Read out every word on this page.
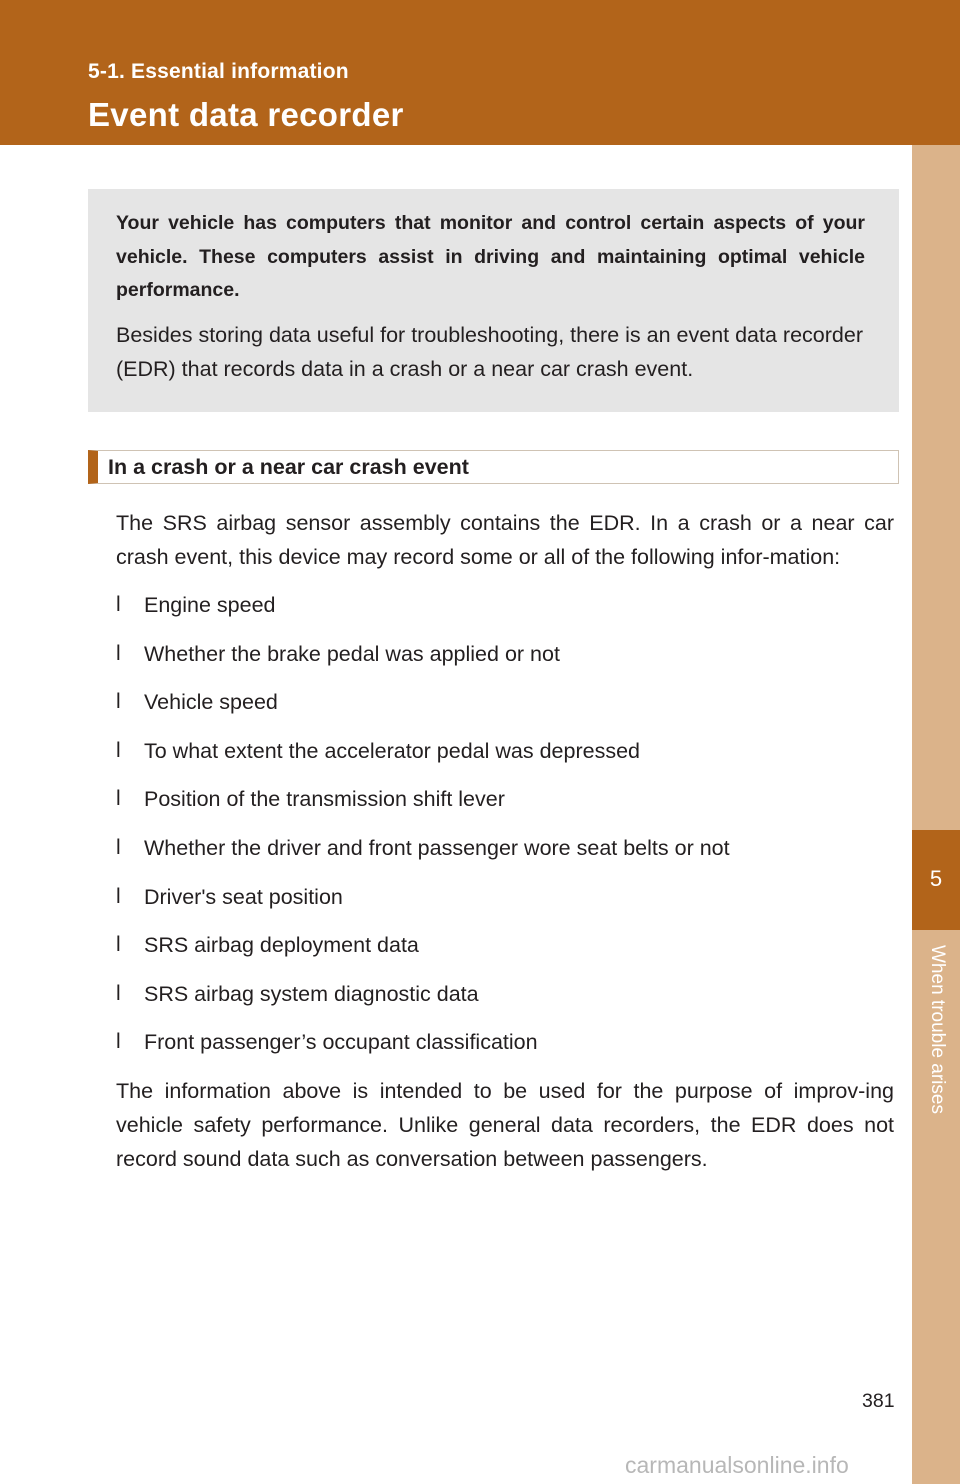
5-1. Essential information
Event data recorder
5
When trouble arises

Your vehicle has computers that monitor and control certain aspects of your vehicle. These computers assist in driving and maintaining optimal vehicle performance.

Besides storing data useful for troubleshooting, there is an event data recorder (EDR) that records data in a crash or a near car crash event.

In a crash or a near car crash event

The SRS airbag sensor assembly contains the EDR. In a crash or a near car crash event, this device may record some or all of the following infor-mation:

l Engine speed
l Whether the brake pedal was applied or not
l Vehicle speed
l To what extent the accelerator pedal was depressed
l Position of the transmission shift lever
l Whether the driver and front passenger wore seat belts or not
l Driver's seat position
l SRS airbag deployment data
l SRS airbag system diagnostic data
l Front passenger’s occupant classification

The information above is intended to be used for the purpose of improv-ing vehicle safety performance. Unlike general data recorders, the EDR does not record sound data such as conversation between passengers.

381
carmanualsonline.info
